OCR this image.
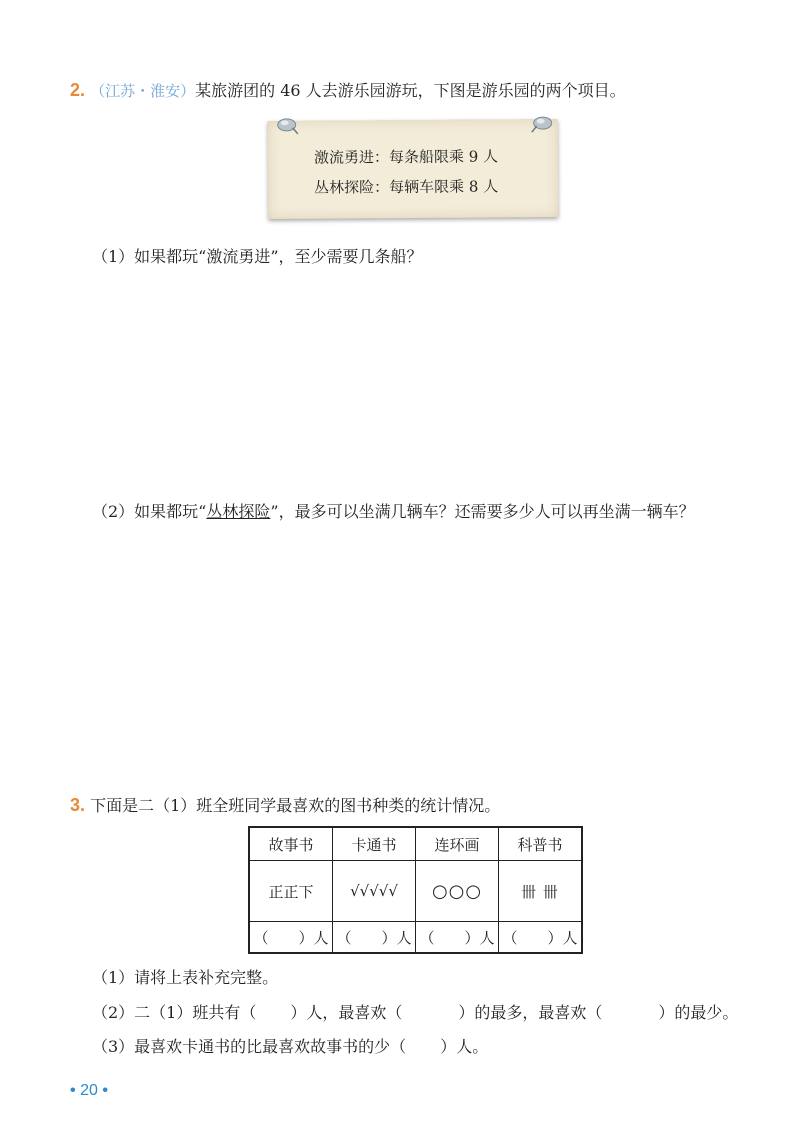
2. （江苏・淮安）某旅游团的 46 人去游乐园游玩，下图是游乐园的两个项目。
激流勇进：每条船限乘 9 人
丛林探险：每辆车限乘 8 人
（1）如果都玩“激流勇进”，至少需要几条船？
（2）如果都玩“丛林探险”，最多可以坐满几辆车？还需要多少人可以再坐满一辆车？
3. 下面是二（1）班全班同学最喜欢的图书种类的统计情况。
故事书	卡通书	连环画	科普书
正正下	√√√√√	○○○	卌 卌
（　　）人	（　　）人	（　　）人	（　　）人
（1）请将上表补充完整。
（2）二（1）班共有（ ）人，最喜欢（	）的最多，最喜欢（	）的最少。
（3）最喜欢卡通书的比最喜欢故事书的少（ ）人。
• 20 •
